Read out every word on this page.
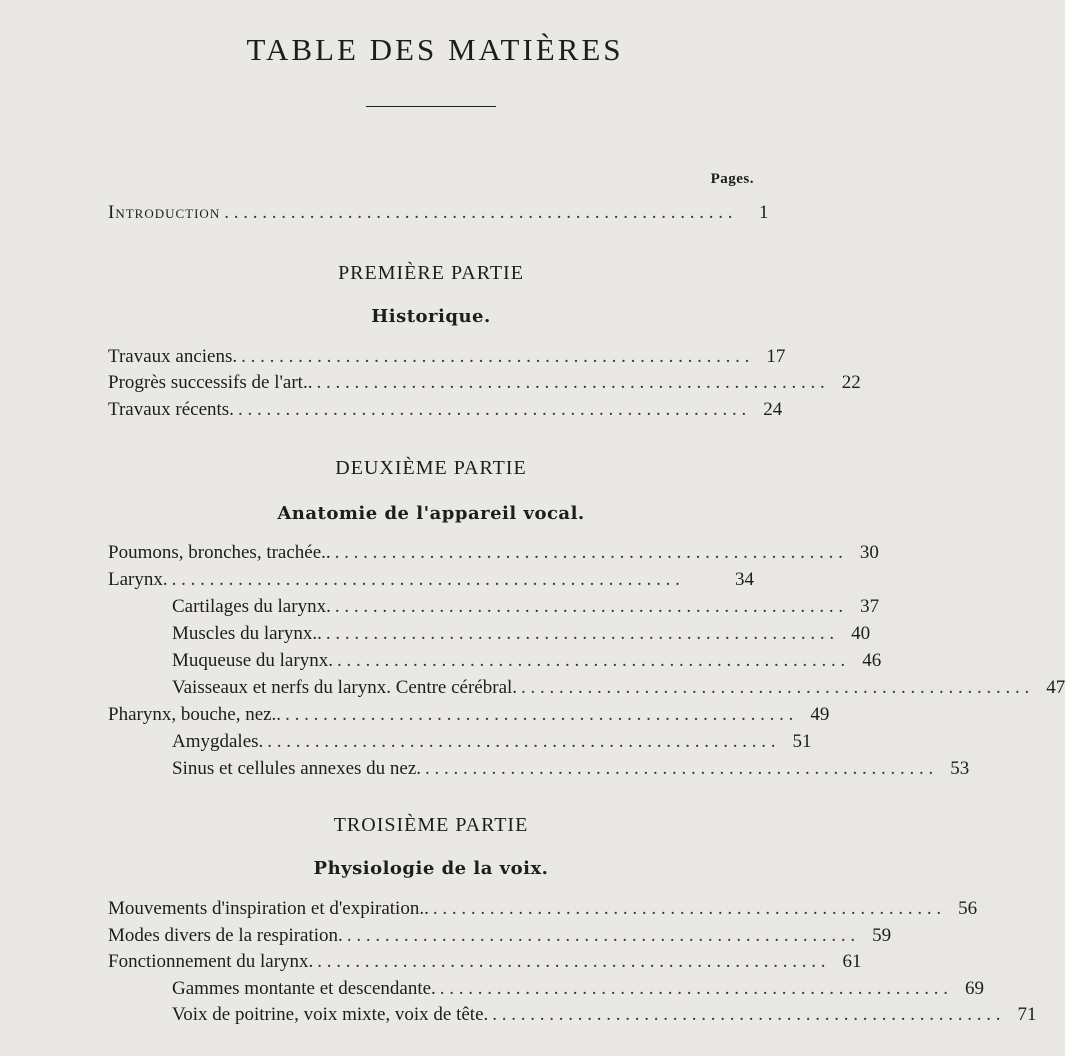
TABLE DES MATIÈRES
Pages.
Introduction . . . . . . . . . . . . . . . . . . . . . . . . . . . . . . . . . . . . . . . . . . . . . . . . . . . . . .	1
PREMIÈRE PARTIE
Historique.
Travaux anciens. . . . . . . . . . . . . . . . . . . . . . . . . . . . . . . . . . . . . . . . . . . . . . . . . . . . . . . 17
Progrès successifs de l'art.. . . . . . . . . . . . . . . . . . . . . . . . . . . . . . . . . . . . . . . . . . . . . . . . . . . . . . . 22
Travaux récents. . . . . . . . . . . . . . . . . . . . . . . . . . . . . . . . . . . . . . . . . . . . . . . . . . . . . . . 24
DEUXIÈME PARTIE
Anatomie de l'appareil vocal.
Poumons, bronches, trachée.. . . . . . . . . . . . . . . . . . . . . . . . . . . . . . . . . . . . . . . . . . . . . . . . . . . . . . . 30
Larynx. . . . . . . . . . . . . . . . . . . . . . . . . . . . . . . . . . . . . . . . . . . . . . . . . . . . . . .	34
Cartilages du larynx. . . . . . . . . . . . . . . . . . . . . . . . . . . . . . . . . . . . . . . . . . . . . . . . . . . . . . . 37
Muscles du larynx.. . . . . . . . . . . . . . . . . . . . . . . . . . . . . . . . . . . . . . . . . . . . . . . . . . . . . . . 40
Muqueuse du larynx. . . . . . . . . . . . . . . . . . . . . . . . . . . . . . . . . . . . . . . . . . . . . . . . . . . . . . . 46
Vaisseaux et nerfs du larynx. Centre cérébral. . . . . . . . . . . . . . . . . . . . . . . . . . . . . . . . . . . . . . . . . . . . . . . . . . . . . . . 47
Pharynx, bouche, nez.. . . . . . . . . . . . . . . . . . . . . . . . . . . . . . . . . . . . . . . . . . . . . . . . . . . . . . . 49
Amygdales. . . . . . . . . . . . . . . . . . . . . . . . . . . . . . . . . . . . . . . . . . . . . . . . . . . . . . . 51
Sinus et cellules annexes du nez. . . . . . . . . . . . . . . . . . . . . . . . . . . . . . . . . . . . . . . . . . . . . . . . . . . . . . . 53
TROISIÈME PARTIE
Physiologie de la voix.
Mouvements d'inspiration et d'expiration.. . . . . . . . . . . . . . . . . . . . . . . . . . . . . . . . . . . . . . . . . . . . . . . . . . . . . . . 56
Modes divers de la respiration. . . . . . . . . . . . . . . . . . . . . . . . . . . . . . . . . . . . . . . . . . . . . . . . . . . . . . . 59
Fonctionnement du larynx. . . . . . . . . . . . . . . . . . . . . . . . . . . . . . . . . . . . . . . . . . . . . . . . . . . . . . . 61
Gammes montante et descendante. . . . . . . . . . . . . . . . . . . . . . . . . . . . . . . . . . . . . . . . . . . . . . . . . . . . . . . 69
Voix de poitrine, voix mixte, voix de tête. . . . . . . . . . . . . . . . . . . . . . . . . . . . . . . . . . . . . . . . . . . . . . . . . . . . . . . 71
